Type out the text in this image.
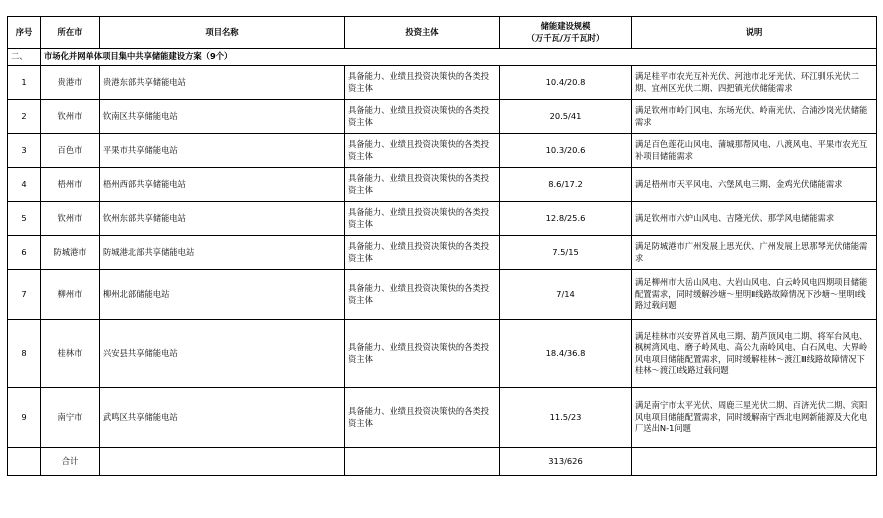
序号	所在市	项目名称	投资主体	储能建设规模
（万千瓦/万千瓦时）	说明
二、	市场化并网单体项目集中共享储能建设方案（9个）				
1	贵港市	贵港东部共享储能电站	具备能力、业绩且投资决策快的各类投资主体	10.4/20.8	满足桂平市农光互补光伏、河池市北牙光伏、环江驯乐光伏二期、宜州区光伏二期、四把镇光伏储能需求
2	钦州市	钦南区共享储能电站	具备能力、业绩且投资决策快的各类投资主体	20.5/41	满足钦州市岭门风电、东场光伏、岭南光伏、合浦沙岗光伏储能需求
3	百色市	平果市共享储能电站	具备能力、业绩且投资决策快的各类投资主体	10.3/20.6	满足百色莲花山风电、蒲城那帮风电、八渡风电、平果市农光互补项目储能需求
4	梧州市	梧州西部共享储能电站	具备能力、业绩且投资决策快的各类投资主体	8.6/17.2	满足梧州市天平风电、六堡风电三期、金鸡光伏储能需求
5	钦州市	钦州东部共享储能电站	具备能力、业绩且投资决策快的各类投资主体	12.8/25.6	满足钦州市六炉山风电、吉隆光伏、那学风电储能需求
6	防城港市	防城港北部共享储能电站	具备能力、业绩且投资决策快的各类投资主体	7.5/15	满足防城港市广州发展上思光伏、广州发展上思那琴光伏储能需求
7	柳州市	柳州北部储能电站	具备能力、业绩且投资决策快的各类投资主体	7/14	满足柳州市大岳山风电、大岩山风电、白云岭风电四期项目储能配置需求，同时缓解沙塘～里明Ⅱ线路故障情况下沙塘～里明Ⅰ线路过载问题
8	桂林市	兴安县共享储能电站	具备能力、业绩且投资决策快的各类投资主体	18.4/36.8	满足桂林市兴安界首风电三期、葫芦顶风电二期、将军台风电、枫树湾风电、磨子岭风电、高公九南岭风电、白石风电、大界岭风电项目储能配置需求，同时缓解桂林～渡江Ⅲ线路故障情况下桂林～渡江Ⅰ线路过载问题
9	南宁市	武鸣区共享储能电站	具备能力、业绩且投资决策快的各类投资主体	11.5/23	满足南宁市太平光伏、周鹿三星光伏二期、百济光伏二期、宾阳风电项目储能配置需求，同时缓解南宁西北电网新能源及大化电厂送出N-1问题
	合计			313/626	
